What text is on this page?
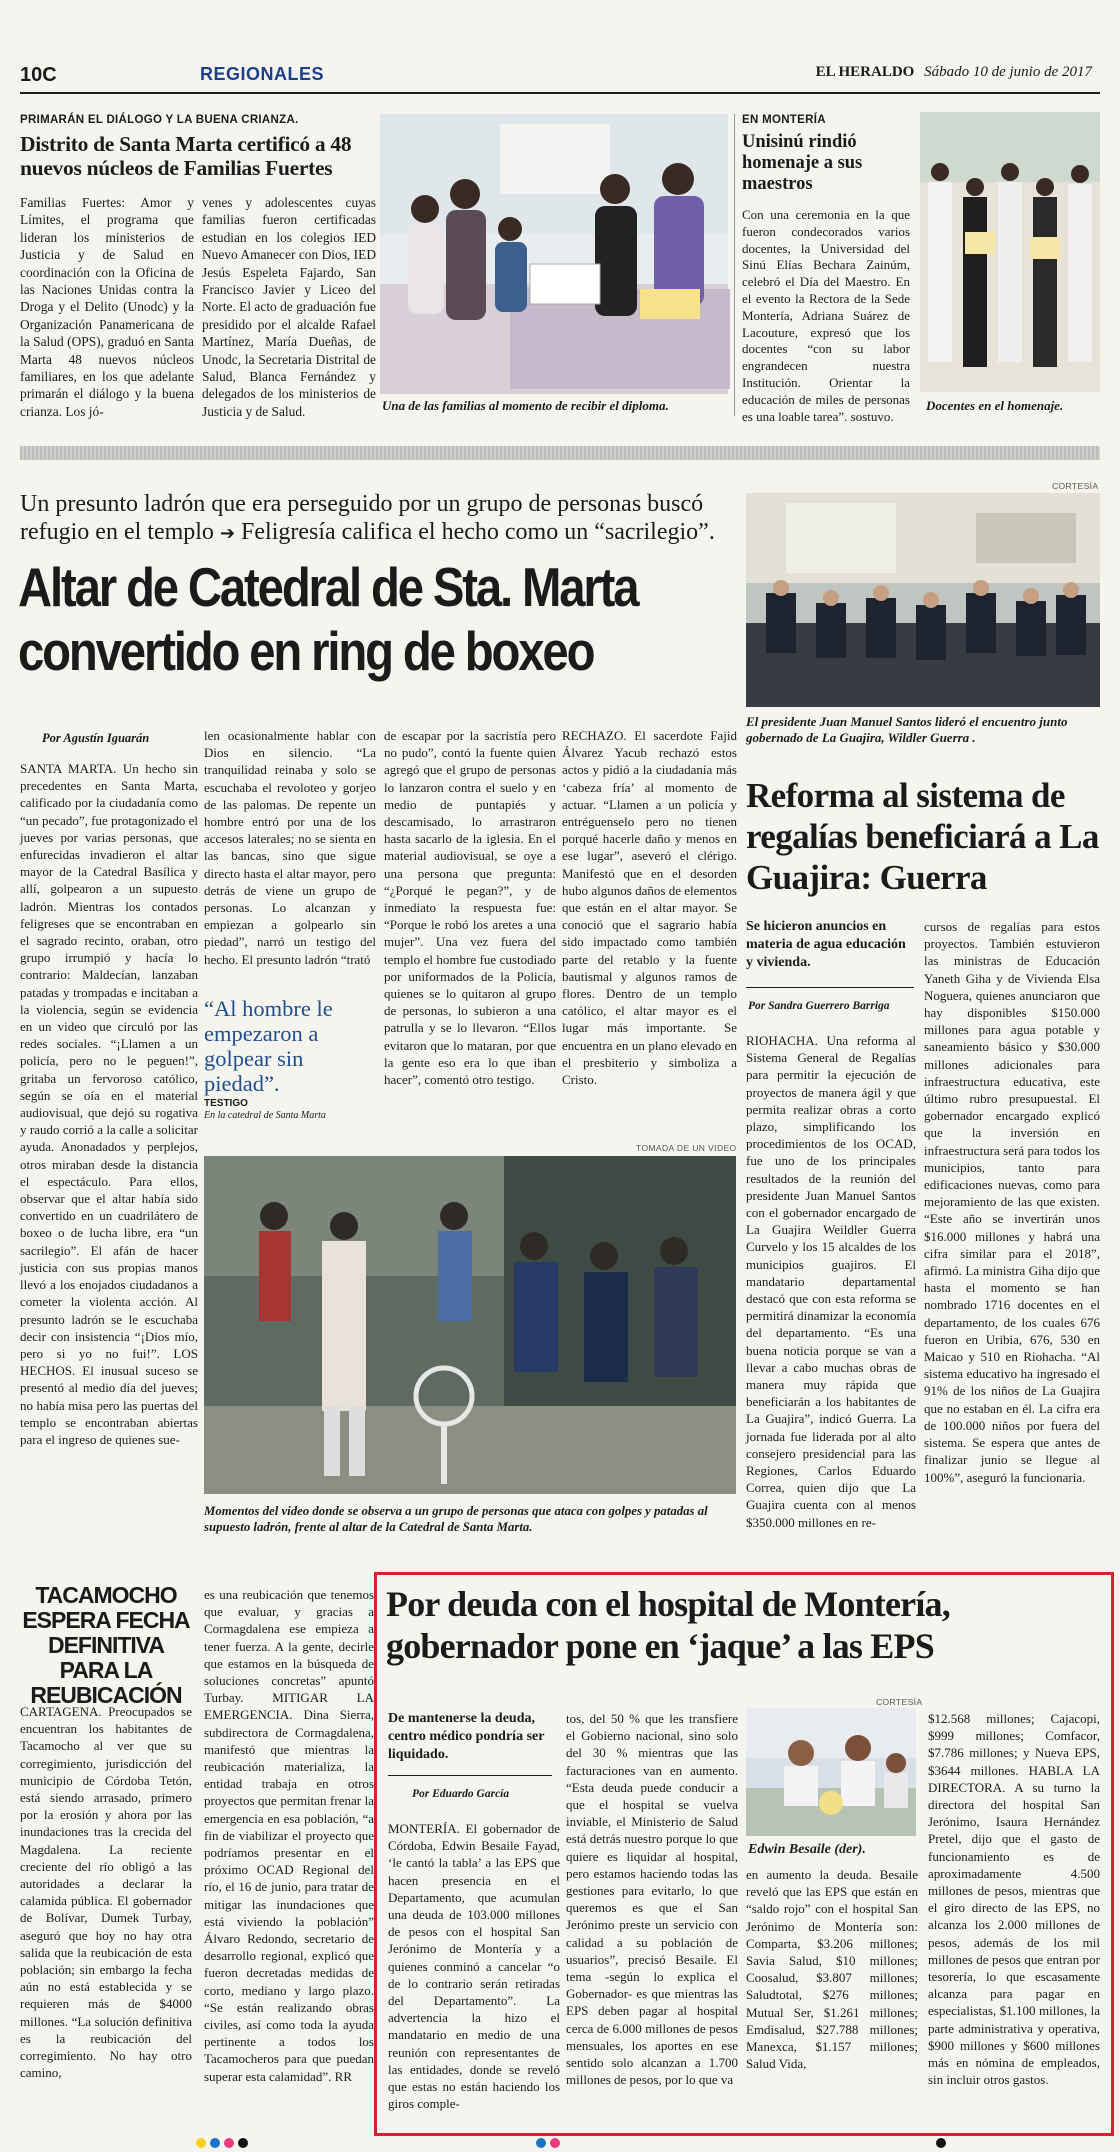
10C	REGIONALES	EL HERALDO Sábado 10 de junio de 2017
PRIMARÁN EL DIÁLOGO Y LA BUENA CRIANZA.
Distrito de Santa Marta certificó a 48 nuevos núcleos de Familias Fuertes
Familias Fuertes: Amor y Límites, el programa que lideran los ministerios de Justicia y de Salud en coordinación con la Oficina de las Naciones Unidas contra la Droga y el Delito (Unodc) y la Organización Panamericana de la Salud (OPS), graduó en Santa Marta 48 nuevos núcleos familiares, en los que adelante primarán el diálogo y la buena crianza. Los jó-
venes y adolescentes cuyas familias fueron certificadas estudian en los colegios IED Nuevo Amanecer con Dios, IED Jesús Espeleta Fajardo, San Francisco Javier y Liceo del Norte. El acto de graduación fue presidido por el alcalde Rafael Martínez, María Dueñas, de Unodc, la Secretaria Distrital de Salud, Blanca Fernández y delegados de los ministerios de Justicia y de Salud.	Una de las familias al momento de recibir el diploma.
EN MONTERÍA
Unisinú rindió homenaje a sus maestros
Con una ceremonia en la que fueron condecorados varios docentes, la Universidad del Sinú Elías Bechara Zainúm, celebró el Día del Maestro. En el evento la Rectora de la Sede Montería, Adriana Suárez de Lacouture, expresó que los docentes “con su labor engrandecen nuestra Institución. Orientar la educación de miles de personas es una loable tarea”. sostuvo.
Docentes en el homenaje.
Un presunto ladrón que era perseguido por un grupo de personas buscó refugio en el templo ➔ Feligresía califica el hecho como un “sacrilegio”.
Altar de Catedral de Sta. Marta
convertido en ring de boxeo
Por Agustín Iguarán
SANTA MARTA. Un hecho sin precedentes en Santa Marta, calificado por la ciudadanía como “un pecado”, fue protagonizado el jueves por varias personas, que enfurecidas invadieron el altar mayor de la Catedral Basílica y allí, golpearon a un supuesto ladrón. Mientras los contados feligreses que se encontraban en el sagrado recinto, oraban, otro grupo irrumpió y hacía lo contrario: Maldecían, lanzaban patadas y trompadas e incitaban a la violencia, según se evidencia en un video que circuló por las redes sociales. “¡Llamen a un policía, pero no le peguen!”, gritaba un fervoroso católico, según se oía en el material audiovisual, que dejó su rogativa y raudo corrió a la calle a solicitar ayuda. Anonadados y perplejos, otros miraban desde la distancia el espectáculo. Para ellos, observar que el altar había sido convertido en un cuadrilátero de boxeo o de lucha libre, era “un sacrilegio”. El afán de hacer justicia con sus propias manos llevó a los enojados ciudadanos a cometer la violenta acción. Al presunto ladrón se le escuchaba decir con insistencia “¡Dios mío, pero si yo no fui!”. LOS HECHOS. El inusual suceso se presentó al medio día del jueves; no había misa pero las puertas del templo se encontraban abiertas para el ingreso de quienes sue-
len ocasionalmente hablar con Dios en silencio. “La tranquilidad reinaba y solo se escuchaba el revoloteo y gorjeo de las palomas. De repente un hombre entró por una de los accesos laterales; no se sienta en las bancas, sino que sigue directo hasta el altar mayor, pero detrás de viene un grupo de personas. Lo alcanzan y empiezan a golpearlo sin piedad”, narró un testigo del hecho. El presunto ladrón “trató
“Al hombre le empezaron a golpear sin piedad”.
TESTIGO
En la catedral de Santa Marta
de escapar por la sacristía pero no pudo”, contó la fuente quien agregó que el grupo de personas lo lanzaron contra el suelo y en medio de puntapiés y descamisado, lo arrastraron hasta sacarlo de la iglesia. En el material audiovisual, se oye a una persona que pregunta: “¿Porqué le pegan?”, y de inmediato la respuesta fue: “Porque le robó los aretes a una mujer”. Una vez fuera del templo el hombre fue custodiado por uniformados de la Policía, quienes se lo quitaron al grupo de personas, lo subieron a una patrulla y se lo llevaron. “Ellos evitaron que lo mataran, por que la gente eso era lo que iban hacer”, comentó otro testigo.
RECHAZO. El sacerdote Fajid Álvarez Yacub rechazó estos actos y pidió a la ciudadanía más ‘cabeza fría’ al momento de actuar. “Llamen a un policía y entréguenselo pero no tienen porqué hacerle daño y menos en ese lugar”, aseveró el clérigo. Manifestó que en el desorden hubo algunos daños de elementos que están en el altar mayor. Se conoció que el sagrario había sido impactado como también parte del retablo y la fuente bautismal y algunos ramos de flores. Dentro de un templo católico, el altar mayor es el lugar más importante. Se encuentra en un plano elevado en el presbiterio y simboliza a Cristo.
TOMADA DE UN VIDEO
Momentos del video donde se observa a un grupo de personas que ataca con golpes y patadas al supuesto ladrón, frente al altar de la Catedral de Santa Marta.
CORTESÍA
El presidente Juan Manuel Santos lideró el encuentro junto gobernado de La Guajira, Wildler Guerra .
Reforma al sistema de regalías beneficiará a La Guajira: Guerra
Se hicieron anuncios en materia de agua educación y vivienda.
Por Sandra Guerrero Barriga
RIOHACHA. Una reforma al Sistema General de Regalías para permitir la ejecución de proyectos de manera ágil y que permita realizar obras a corto plazo, simplificando los procedimientos de los OCAD, fue uno de los principales resultados de la reunión del presidente Juan Manuel Santos con el gobernador encargado de La Guajira Weildler Guerra Curvelo y los 15 alcaldes de los municipios guajiros. El mandatario departamental destacó que con esta reforma se permitirá dinamizar la economía del departamento. “Es una buena noticia porque se van a llevar a cabo muchas obras de manera muy rápida que beneficiarán a los habitantes de La Guajira”, indicó Guerra. La jornada fue liderada por al alto consejero presidencial para las Regiones, Carlos Eduardo Correa, quien dijo que La Guajira cuenta con al menos $350.000 millones en re-
cursos de regalías para estos proyectos. También estuvieron las ministras de Educación Yaneth Giha y de Vivienda Elsa Noguera, quienes anunciaron que hay disponibles $150.000 millones para agua potable y saneamiento básico y $30.000 millones adicionales para infraestructura educativa, este último rubro presupuestal. El gobernador encargado explicó que la inversión en infraestructura será para todos los municipios, tanto para edificaciones nuevas, como para mejoramiento de las que existen. “Este año se invertirán unos $16.000 millones y habrá una cifra similar para el 2018”, afirmó. La ministra Giha dijo que hasta el momento se han nombrado 1716 docentes en el departamento, de los cuales 676 fueron en Uribia, 676, 530 en Maicao y 510 en Riohacha. “Al sistema educativo ha ingresado el 91% de los niños de La Guajira que no estaban en él. La cifra era de 100.000 niños por fuera del sistema. Se espera que antes de finalizar junio se llegue al 100%”, aseguró la funcionaria.
TACAMOCHO ESPERA FECHA DEFINITIVA PARA LA REUBICACIÓN
CARTAGENA. Preocupados se encuentran los habitantes de Tacamocho al ver que su corregimiento, jurisdicción del municipio de Córdoba Tetón, está siendo arrasado, primero por la erosión y ahora por las inundaciones tras la crecida del Magdalena. La reciente creciente del río obligó a las autoridades a declarar la calamida pública. El gobernador de Bolívar, Dumek Turbay, aseguró que hoy no hay otra salida que la reubicación de esta población; sin embargo la fecha aún no está establecida y se requieren más de $4000 millones. “La solución definitiva es la reubicación del corregimiento. No hay otro camino,
es una reubicación que tenemos que evaluar, y gracias a Cormagdalena ese empieza a tener fuerza. A la gente, decirle que estamos en la búsqueda de soluciones concretas” apuntó Turbay. MITIGAR LA EMERGENCIA. Dina Sierra, subdirectora de Cormagdalena, manifestó que mientras la reubicación materializa, la entidad trabaja en otros proyectos que permitan frenar la emergencia en esa población, “a fin de viabilizar el proyecto que podríamos presentar en el próximo OCAD Regional del río, el 16 de junio, para tratar de mitigar las inundaciones que está viviendo la población” Álvaro Redondo, secretario de desarrollo regional, explicó que fueron decretadas medidas de corto, mediano y largo plazo. “Se están realizando obras civiles, así como toda la ayuda pertinente a todos los Tacamocheros para que puedan superar esta calamidad”. RR
Por deuda con el hospital de Montería, gobernador pone en ‘jaque’ a las EPS
De mantenerse la deuda, centro médico pondría ser liquidado.
Por Eduardo García
MONTERÍA. El gobernador de Córdoba, Edwin Besaile Fayad, ‘le cantó la tabla’ a las EPS que hacen presencia en el Departamento, que acumulan una deuda de 103.000 millones de pesos con el hospital San Jerónimo de Montería y a quienes conminó a cancelar “o de lo contrario serán retiradas del Departamento”. La advertencia la hizo el mandatario en medio de una reunión con representantes de las entidades, donde se reveló que estas no están haciendo los giros comple-
tos, del 50 % que les transfiere el Gobierno nacional, sino solo del 30 % mientras que las facturaciones van en aumento. “Esta deuda puede conducir a que el hospital se vuelva inviable, el Ministerio de Salud está detrás nuestro porque lo que quiere es liquidar al hospital, pero estamos haciendo todas las gestiones para evitarlo, lo que queremos es que el San Jerónimo preste un servicio con calidad a su población de usuarios”, precisó Besaile. El tema -según lo explica el Gobernador- es que mientras las EPS deben pagar al hospital cerca de 6.000 millones de pesos mensuales, los aportes en ese sentido solo alcanzan a 1.700 millones de pesos, por lo que va
CORTESÍA
Edwin Besaile (der).
en aumento la deuda. Besaile reveló que las EPS que están en “saldo rojo” con el hospital San Jerónimo de Montería son: Comparta, $3.206 millones; Savia Salud, $10 millones; Coosalud, $3.807 millones; Saludtotal, $276 millones; Mutual Ser, $1.261 millones; Emdisalud, $27.788 millones; Manexca, $1.157 millones; Salud Vida,
$12.568 millones; Cajacopi, $999 millones; Comfacor, $7.786 millones; y Nueva EPS, $3644 millones. HABLA LA DIRECTORA. A su turno la directora del hospital San Jerónimo, Isaura Hernández Pretel, dijo que el gasto de funcionamiento es de aproximadamente 4.500 millones de pesos, mientras que el giro directo de las EPS, no alcanza los 2.000 millones de pesos, además de los mil millones de pesos que entran por tesorería, lo que escasamente alcanza para pagar en especialistas, $1.100 millones, la parte administrativa y operativa, $900 millones y $600 millones más en nómina de empleados, sin incluir otros gastos.
